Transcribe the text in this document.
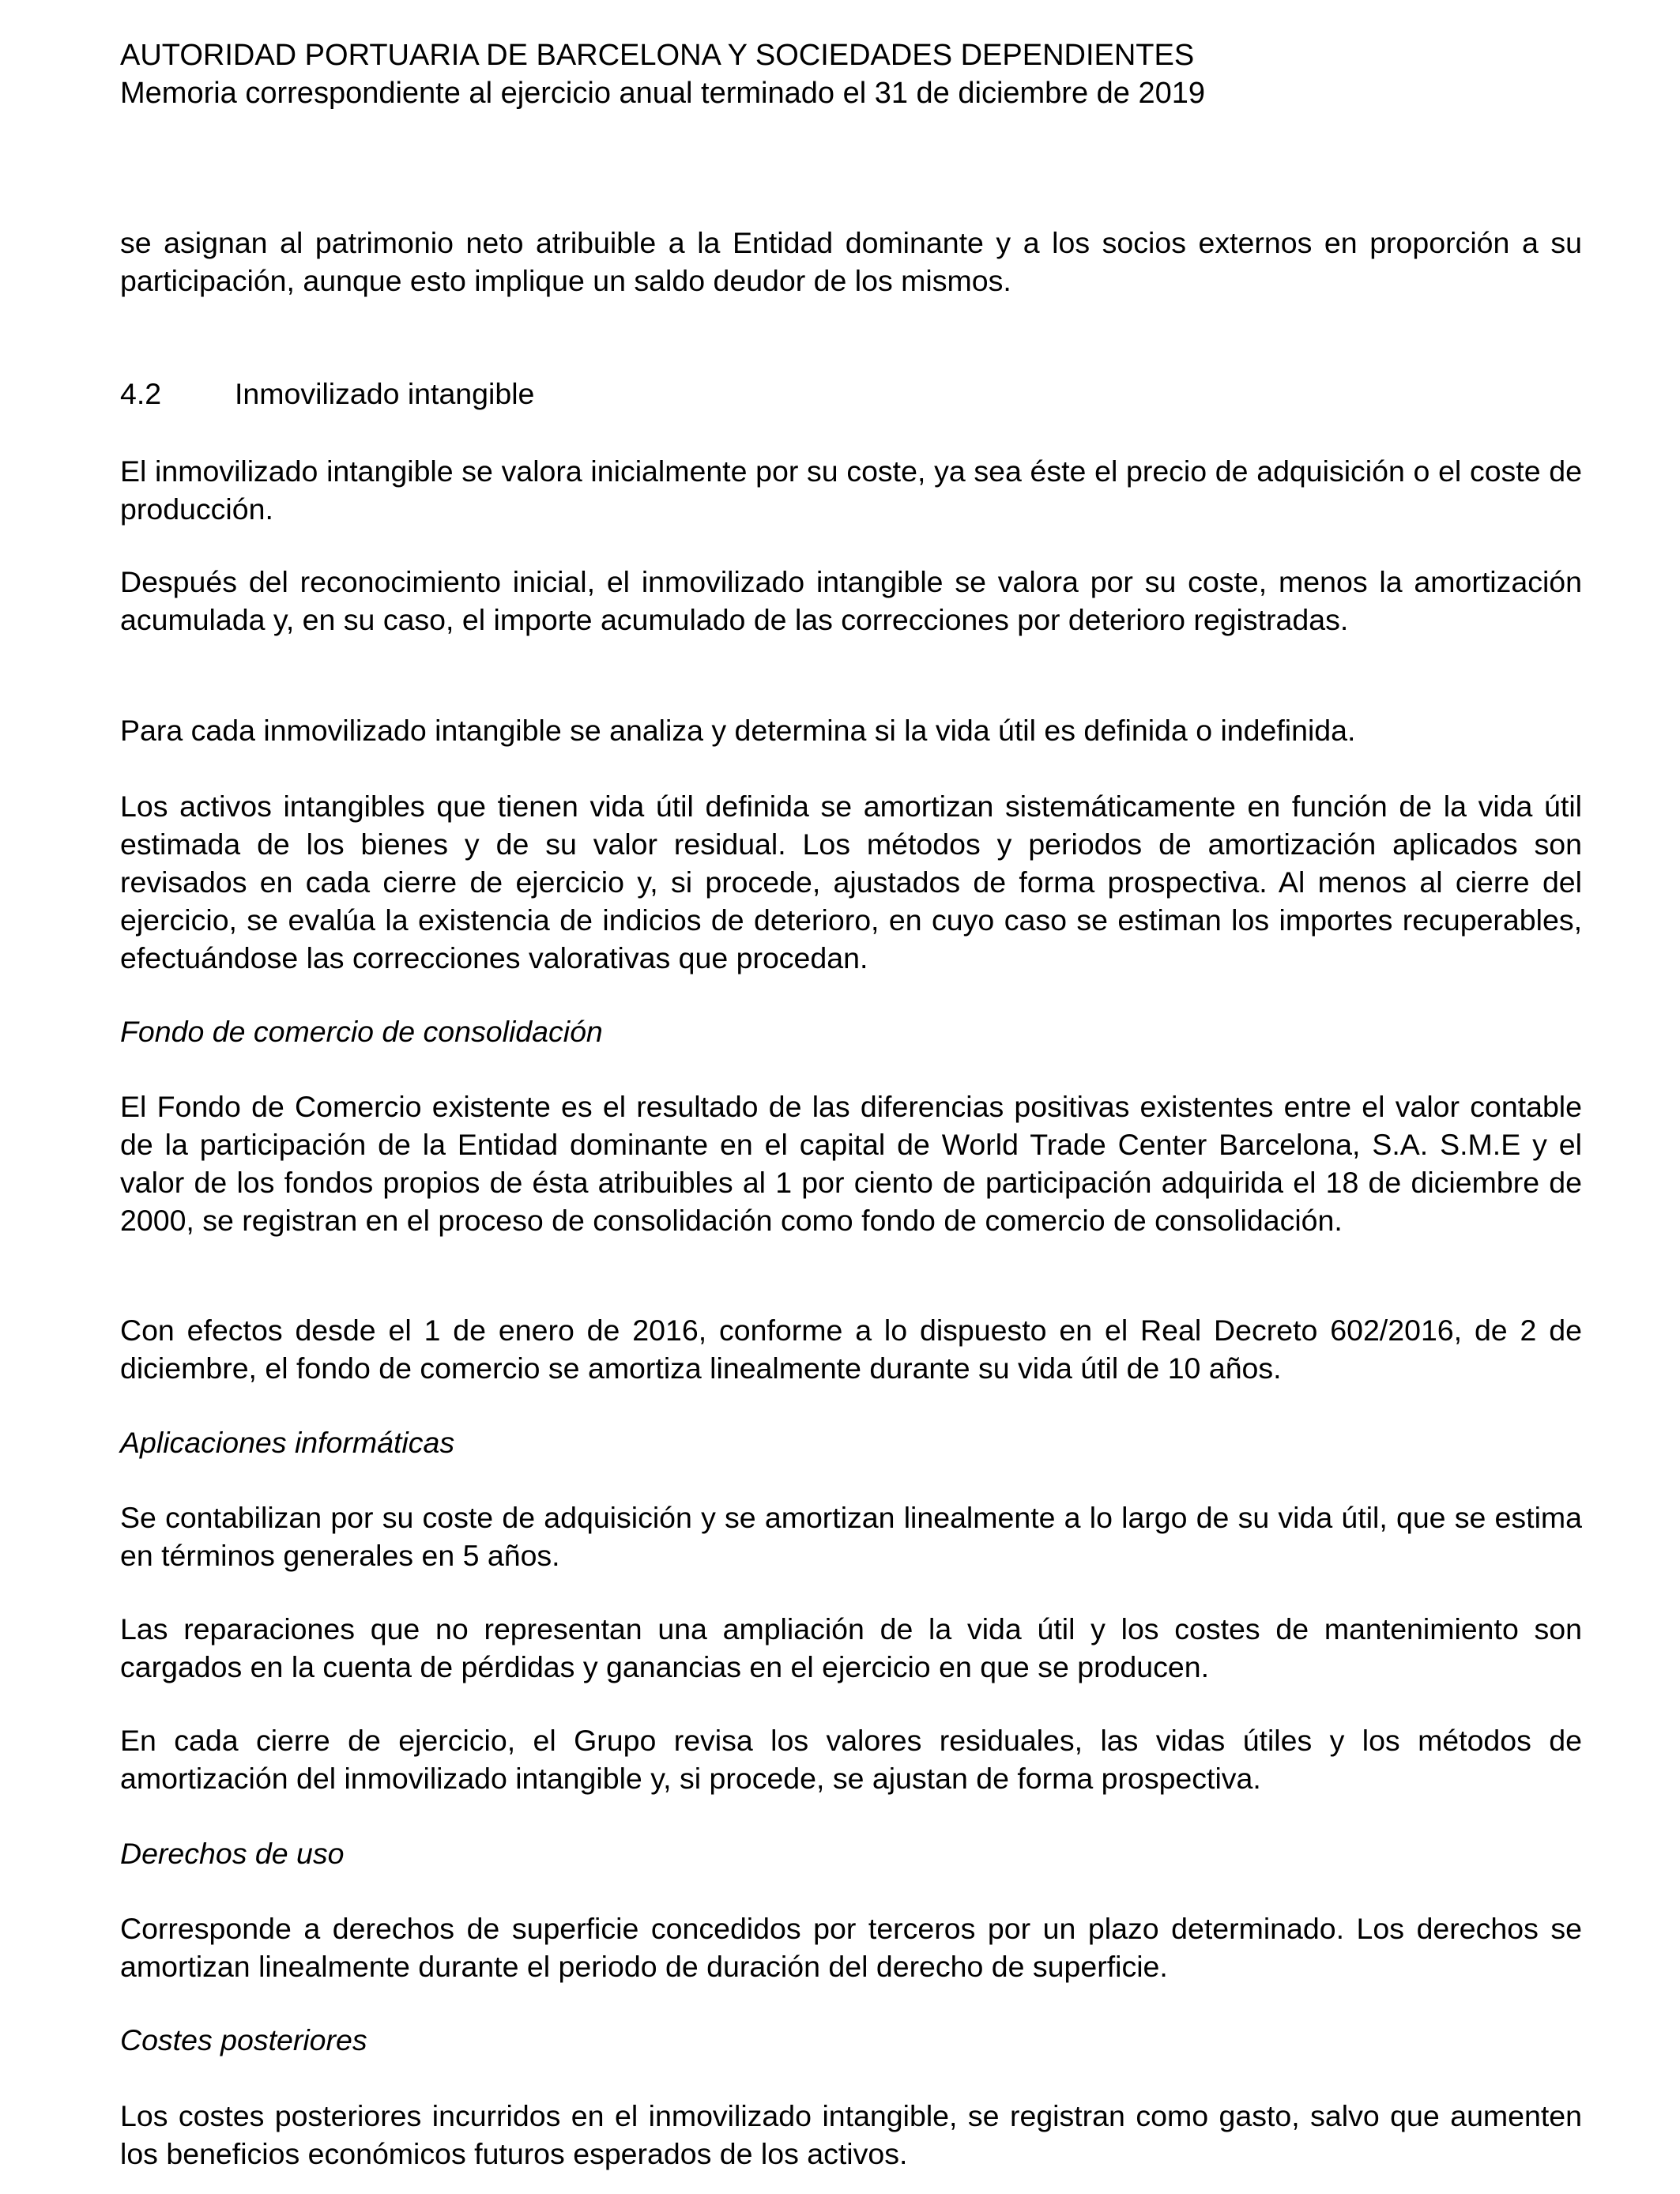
AUTORIDAD PORTUARIA DE BARCELONA Y SOCIEDADES DEPENDIENTES
Memoria correspondiente al ejercicio anual terminado el 31 de diciembre de 2019

se asignan al patrimonio neto atribuible a la Entidad dominante y a los socios externos en proporción a su participación, aunque esto implique un saldo deudor de los mismos.

4.2 Inmovilizado intangible

El inmovilizado intangible se valora inicialmente por su coste, ya sea éste el precio de adquisición o el coste de producción.

Después del reconocimiento inicial, el inmovilizado intangible se valora por su coste, menos la amortización acumulada y, en su caso, el importe acumulado de las correcciones por deterioro registradas.

Para cada inmovilizado intangible se analiza y determina si la vida útil es definida o indefinida.

Los activos intangibles que tienen vida útil definida se amortizan sistemáticamente en función de la vida útil estimada de los bienes y de su valor residual. Los métodos y periodos de amortización aplicados son revisados en cada cierre de ejercicio y, si procede, ajustados de forma prospectiva. Al menos al cierre del ejercicio, se evalúa la existencia de indicios de deterioro, en cuyo caso se estiman los importes recuperables, efectuándose las correcciones valorativas que procedan.

Fondo de comercio de consolidación

El Fondo de Comercio existente es el resultado de las diferencias positivas existentes entre el valor contable de la participación de la Entidad dominante en el capital de World Trade Center Barcelona, S.A. S.M.E y el valor de los fondos propios de ésta atribuibles al 1 por ciento de participación adquirida el 18 de diciembre de 2000, se registran en el proceso de consolidación como fondo de comercio de consolidación.

Con efectos desde el 1 de enero de 2016, conforme a lo dispuesto en el Real Decreto 602/2016, de 2 de diciembre, el fondo de comercio se amortiza linealmente durante su vida útil de 10 años.

Aplicaciones informáticas

Se contabilizan por su coste de adquisición y se amortizan linealmente a lo largo de su vida útil, que se estima en términos generales en 5 años.

Las reparaciones que no representan una ampliación de la vida útil y los costes de mantenimiento son cargados en la cuenta de pérdidas y ganancias en el ejercicio en que se producen.

En cada cierre de ejercicio, el Grupo revisa los valores residuales, las vidas útiles y los métodos de amortización del inmovilizado intangible y, si procede, se ajustan de forma prospectiva.

Derechos de uso

Corresponde a derechos de superficie concedidos por terceros por un plazo determinado. Los derechos se amortizan linealmente durante el periodo de duración del derecho de superficie.

Costes posteriores

Los costes posteriores incurridos en el inmovilizado intangible, se registran como gasto, salvo que aumenten los beneficios económicos futuros esperados de los activos.
